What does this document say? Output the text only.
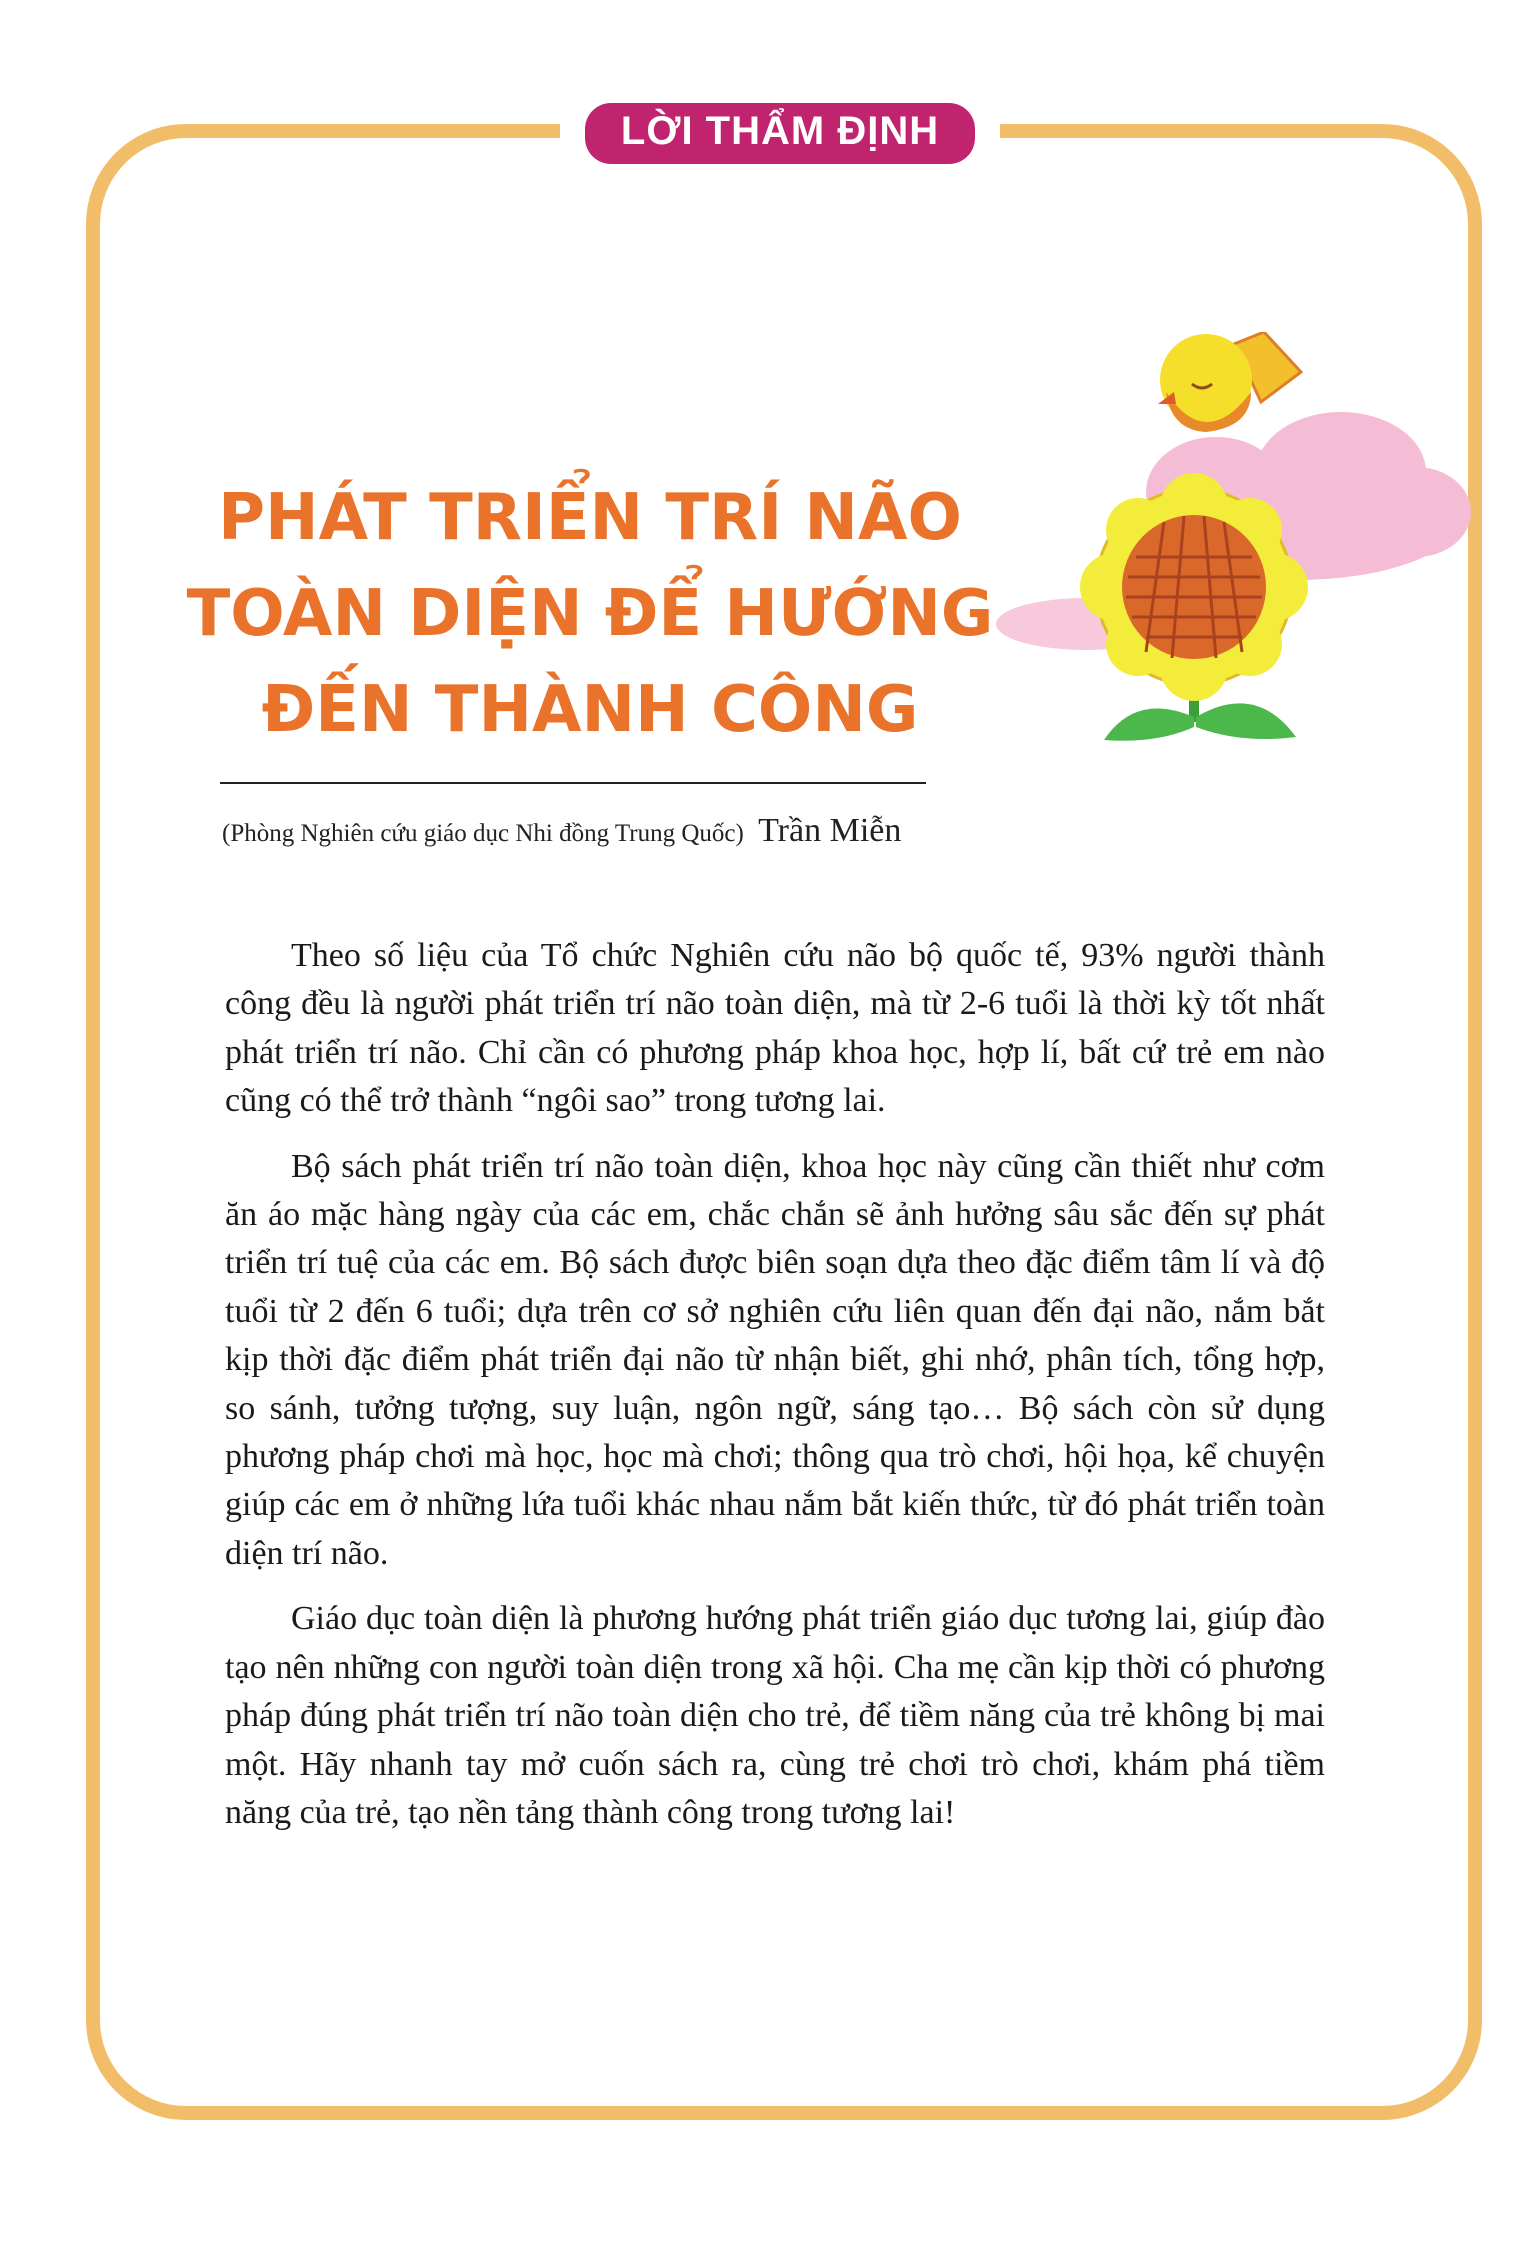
LỜI THẨM ĐỊNH
PHÁT TRIỂN TRÍ NÃO
TOÀN DIỆN ĐỂ HƯỚNG
ĐẾN THÀNH CÔNG
(Phòng Nghiên cứu giáo dục Nhi đồng Trung Quốc) Trần Miễn

Theo số liệu của Tổ chức Nghiên cứu não bộ quốc tế, 93% người thành công đều là người phát triển trí não toàn diện, mà từ 2-6 tuổi là thời kỳ tốt nhất phát triển trí não. Chỉ cần có phương pháp khoa học, hợp lí, bất cứ trẻ em nào cũng có thể trở thành “ngôi sao” trong tương lai.

Bộ sách phát triển trí não toàn diện, khoa học này cũng cần thiết như cơm ăn áo mặc hàng ngày của các em, chắc chắn sẽ ảnh hưởng sâu sắc đến sự phát triển trí tuệ của các em. Bộ sách được biên soạn dựa theo đặc điểm tâm lí và độ tuổi từ 2 đến 6 tuổi; dựa trên cơ sở nghiên cứu liên quan đến đại não, nắm bắt kịp thời đặc điểm phát triển đại não từ nhận biết, ghi nhớ, phân tích, tổng hợp, so sánh, tưởng tượng, suy luận, ngôn ngữ, sáng tạo… Bộ sách còn sử dụng phương pháp chơi mà học, học mà chơi; thông qua trò chơi, hội họa, kể chuyện giúp các em ở những lứa tuổi khác nhau nắm bắt kiến thức, từ đó phát triển toàn diện trí não.

Giáo dục toàn diện là phương hướng phát triển giáo dục tương lai, giúp đào tạo nên những con người toàn diện trong xã hội. Cha mẹ cần kịp thời có phương pháp đúng phát triển trí não toàn diện cho trẻ, để tiềm năng của trẻ không bị mai một. Hãy nhanh tay mở cuốn sách ra, cùng trẻ chơi trò chơi, khám phá tiềm năng của trẻ, tạo nền tảng thành công trong tương lai!
